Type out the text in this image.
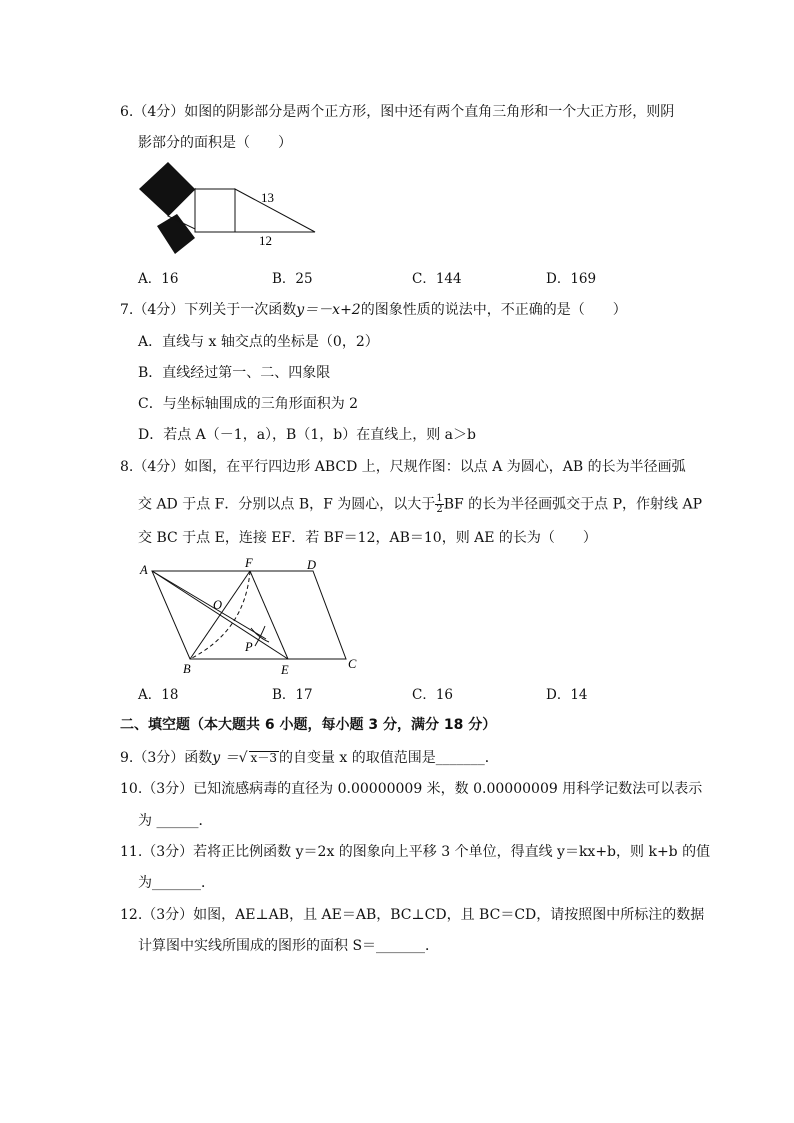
6.（4分）如图的阴影部分是两个正方形，图中还有两个直角三角形和一个大正方形，则阴
影部分的面积是（　　）
13
12
A．16	B．25	C．144	D．169
7.（4分）下列关于一次函数y＝－x+2的图象性质的说法中，不正确的是（　　）
A．直线与 x 轴交点的坐标是（0，2）
B．直线经过第一、二、四象限
C．与坐标轴围成的三角形面积为 2
D．若点 A（－1，a），B（1，b）在直线上，则 a＞b
8.（4分）如图，在平行四边形 ABCD 上，尺规作图：以点 A 为圆心，AB 的长为半径画弧
交 AD 于点 F．分别以点 B，F 为圆心，以大于 $\frac{1}{2}$ BF 的长为半径画弧交于点 P，作射线 AP
交 BC 于点 E，连接 EF．若 BF＝12，AB＝10，则 AE 的长为（　　）
A	F	D
O
P
B	E	C
A．18	B．17	C．16	D．14
二、填空题（本大题共 6 小题，每小题 3 分，满分 18 分）
9.（3分）函数y ＝√ x－3 的自变量 x 的取值范围是_______．
10.（3分）已知流感病毒的直径为 0.00000009 米，数 0.00000009 用科学记数法可以表示
为 ______．
11.（3分）若将正比例函数 y＝2x 的图象向上平移 3 个单位，得直线 y＝kx+b，则 k+b 的值
为_______．
12.（3分）如图，AE⊥AB，且 AE＝AB，BC⊥CD，且 BC＝CD，请按照图中所标注的数据
计算图中实线所围成的图形的面积 S＝_______．
